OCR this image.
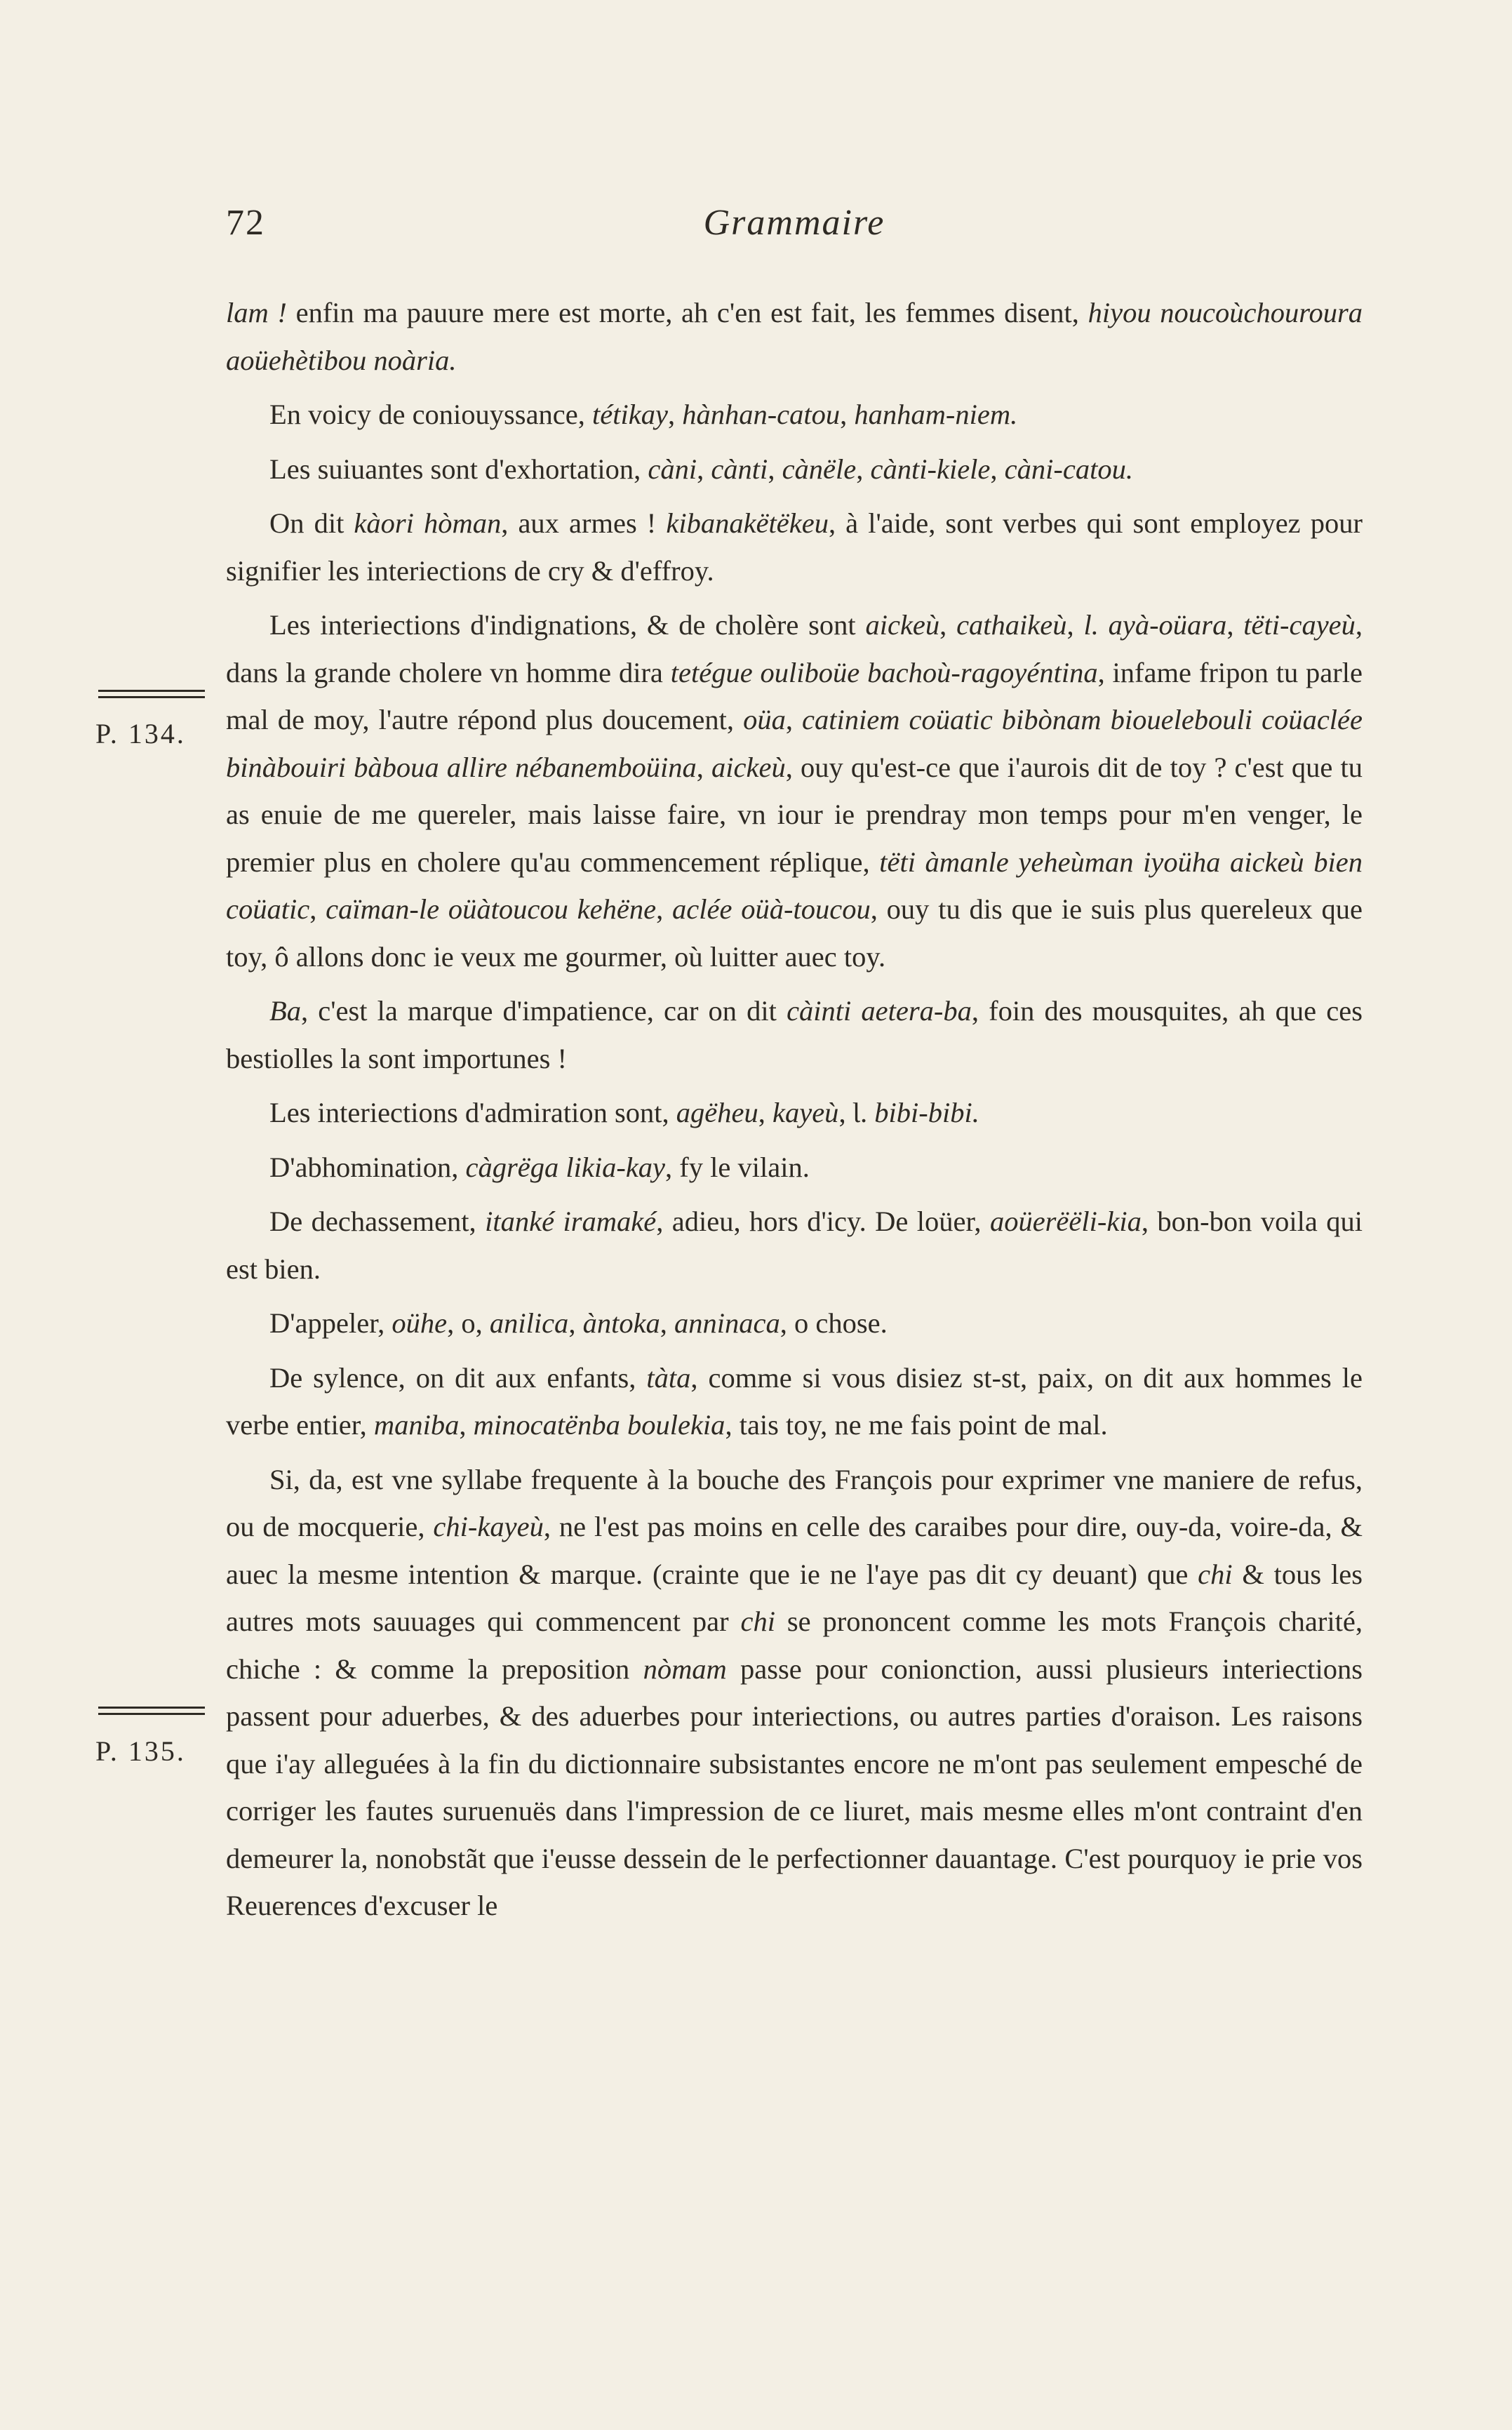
72	Grammaire
P. 134.
P. 135.

lam ! enfin ma pauure mere est morte, ah c'en est fait, les femmes disent, hiyou noucoùchouroura aoüehètibou noària.

En voicy de coniouyssance, tétikay, hànhan-catou, hanham-niem.

Les suiuantes sont d'exhortation, càni, cànti, cànële, cànti-kiele, càni-catou.

On dit kàori hòman, aux armes ! kibanakëtëkeu, à l'aide, sont verbes qui sont employez pour signifier les interiections de cry & d'effroy.

Les interiections d'indignations, & de cholère sont aickeù, cathaikeù, Ɩ. ayà-oüara, tëti-cayeù, dans la grande cholere vn homme dira tetégue ouliboüe bachoù-ragoyéntina, infame fripon tu parle mal de moy, l'autre répond plus doucement, oüa, catiniem coüatic bibònam biouelebouli coüaclée binàbouiri bàboua allire nébanemboüina, aickeù, ouy qu'est-ce que i'aurois dit de toy ? c'est que tu as enuie de me quereler, mais laisse faire, vn iour ie prendray mon temps pour m'en venger, le premier plus en cholere qu'au commencement réplique, tëti àmanle yeheùman iyoüha aickeù bien coüatic, caïman-le oüàtoucou kehëne, aclée oüà-toucou, ouy tu dis que ie suis plus querelеux que toy, ô allons donc ie veux me gourmer, où luitter auec toy.

Ba, c'est la marque d'impatience, car on dit càinti aetera-ba, foin des mousquites, ah que ces bestiolles la sont importunes !

Les interiections d'admiration sont, agëheu, kayeù, Ɩ. bibi-bibi.

D'abhomination, càgrëga likia-kay, fy le vilain.

De dechassement, itanké iramaké, adieu, hors d'icy. De loüer, aoüerëëli-kia, bon-bon voila qui est bien.

D'appeler, oühe, o, anilica, àntoka, anninaca, o chose.

De sylence, on dit aux enfants, tàta, comme si vous disiez st-st, paix, on dit aux hommes le verbe entier, maniba, minocatënba boulekia, tais toy, ne me fais point de mal.

Si, da, est vne syllabe frequente à la bouche des François pour exprimer vne maniere de refus, ou de mocquerie, chi-kayeù, ne l'est pas moins en celle des caraibes pour dire, ouy-da, voire-da, & auec la mesme intention & marque. (crainte que ie ne l'aye pas dit cy deuant) que chi & tous les autres mots sauuages qui commencent par chi se prononcent comme les mots François charité, chiche : & comme la preposition nòmam passe pour conionction, aussi plusieurs interiections passent pour aduerbes, & des aduerbes pour interiections, ou autres parties d'oraison. Les raisons que i'ay alleguées à la fin du dictionnaire subsistantes encore ne m'ont pas seulement empesché de corriger les fautes suruenuës dans l'impression de ce liuret, mais mesme elles m'ont contraint d'en demeurer la, nonobstãt que i'eusse dessein de le perfectionner dauantage. C'est pourquoy ie prie vos Reuerences d'excuser le
